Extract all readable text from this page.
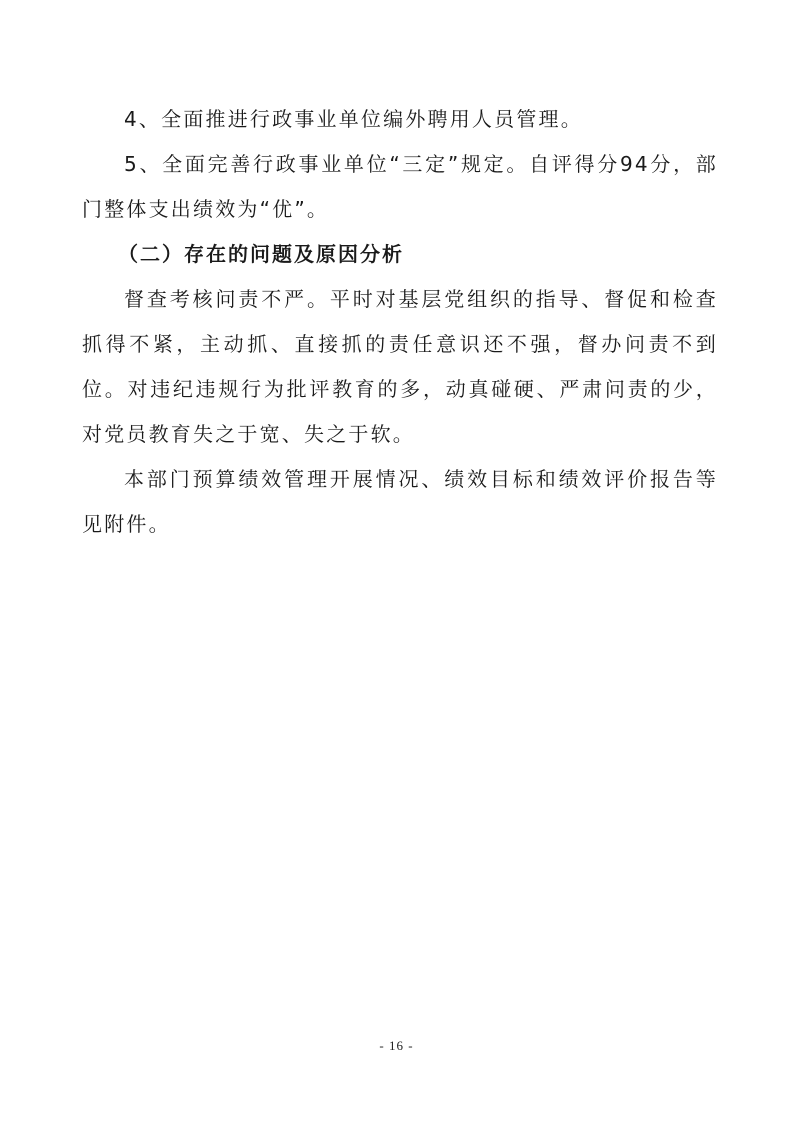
4、全面推进行政事业单位编外聘用人员管理。

5、全面完善行政事业单位“三定”规定。自评得分94分，部门整体支出绩效为“优”。

（二）存在的问题及原因分析

督查考核问责不严。平时对基层党组织的指导、督促和检查抓得不紧，主动抓、直接抓的责任意识还不强，督办问责不到位。对违纪违规行为批评教育的多，动真碰硬、严肃问责的少，对党员教育失之于宽、失之于软。

本部门预算绩效管理开展情况、绩效目标和绩效评价报告等见附件。

- 16 -
